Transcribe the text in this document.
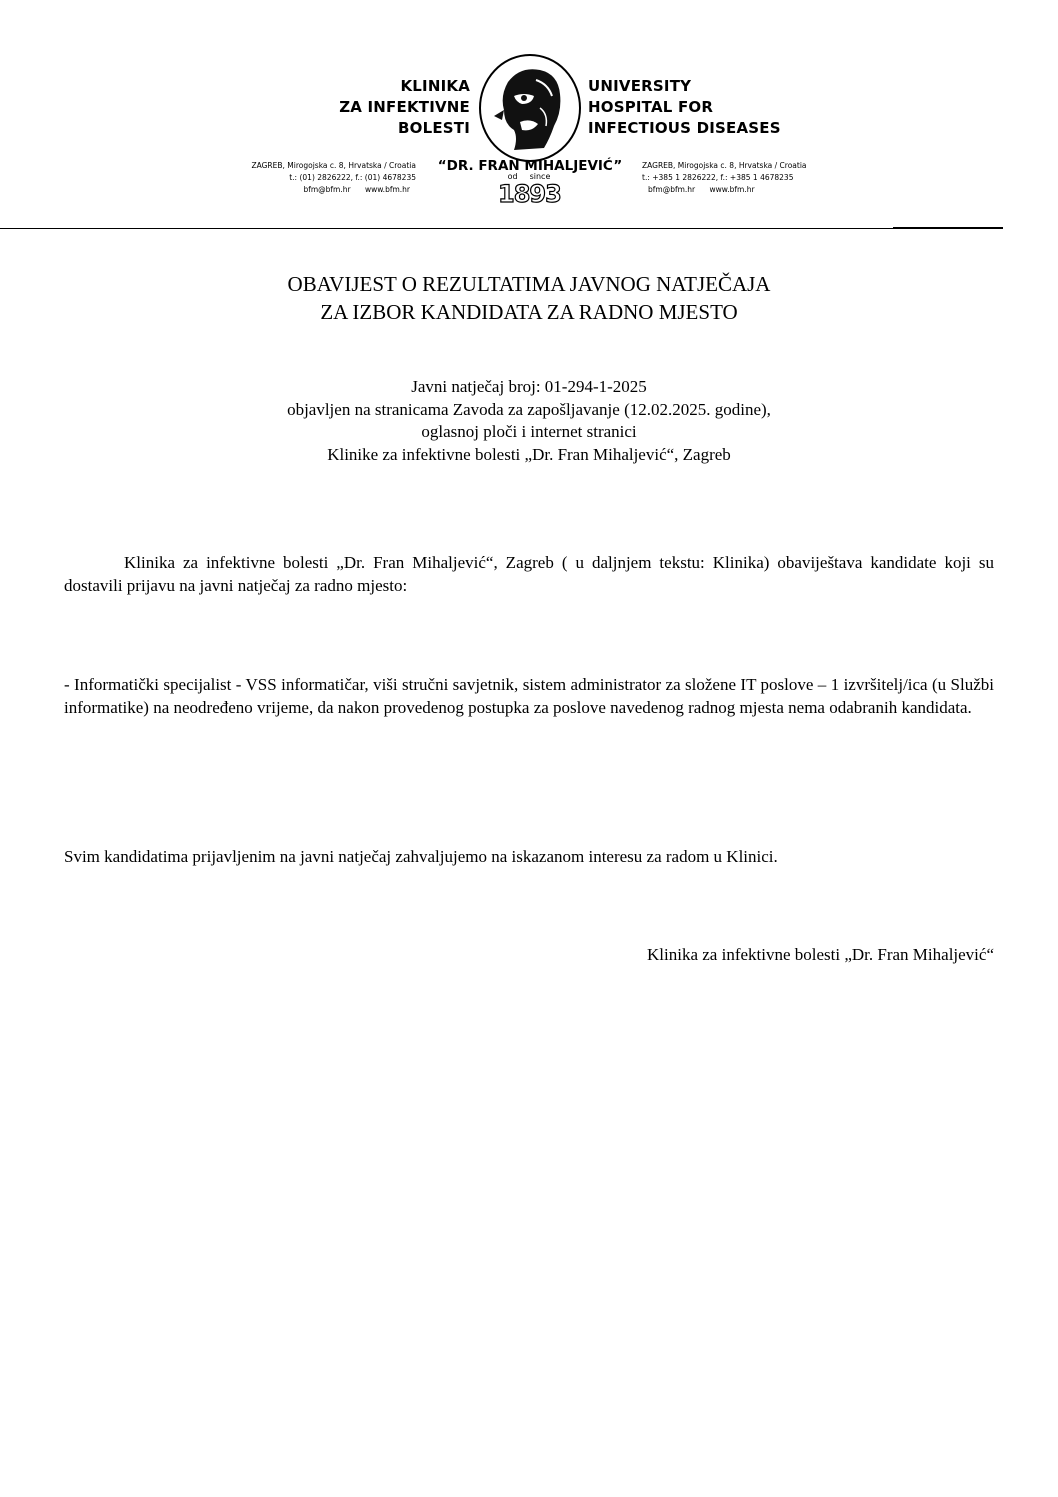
KLINIKA
ZA INFEKTIVNE
BOLESTI
UNIVERSITY
HOSPITAL FOR
INFECTIOUS DISEASES
ZAGREB, Mirogojska c. 8, Hrvatska / Croatia
t.: (01) 2826222, f.: (01) 4678235
bfm@bfm.hr www.bfm.hr
“DR. FRAN MIHALJEVIĆ”
od since
1893
ZAGREB, Mirogojska c. 8, Hrvatska / Croatia
t.: +385 1 2826222, f.: +385 1 4678235
bfm@bfm.hr www.bfm.hr
OBAVIJEST O REZULTATIMA JAVNOG NATJEČAJA
ZA IZBOR KANDIDATA ZA RADNO MJESTO
Javni natječaj broj: 01-294-1-2025
objavljen na stranicama Zavoda za zapošljavanje (12.02.2025. godine),
oglasnoj ploči i internet stranici
Klinike za infektivne bolesti „Dr. Fran Mihaljević“, Zagreb
Klinika za infektivne bolesti „Dr. Fran Mihaljević“, Zagreb ( u daljnjem tekstu: Klinika) obaviještava kandidate koji su dostavili prijavu na javni natječaj za radno mjesto:
- Informatički specijalist - VSS informatičar, viši stručni savjetnik, sistem administrator za složene IT poslove – 1 izvršitelj/ica (u Službi informatike) na neodređeno vrijeme, da nakon provedenog postupka za poslove navedenog radnog mjesta nema odabranih kandidata.
Svim kandidatima prijavljenim na javni natječaj zahvaljujemo na iskazanom interesu za radom u Klinici.
Klinika za infektivne bolesti „Dr. Fran Mihaljević“
